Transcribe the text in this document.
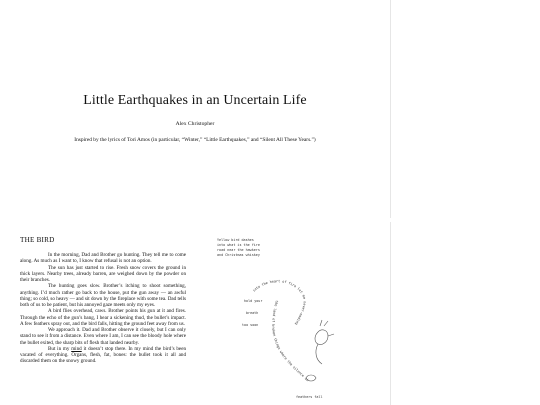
Little Earthquakes in an Uncertain Life

Alex Christopher

Inspired by the lyrics of Tori Amos (in particular, “Winter,” “Little Earthquakes,” and “Silent All These Years.”)

THE BIRD

In the morning, Dad and Brother go hunting. They tell me to come along. As much as I want to, I know that refusal is not an option.

The sun has just started to rise. Fresh snow covers the ground in thick layers. Nearby trees, already barren, are weighed down by the powder on their branches.

The hunting goes slow. Brother’s itching to shoot something, anything. I’d much rather go back to the house, put the gun away — an awful thing; so cold, so heavy — and sit down by the fireplace with some tea. Dad tells both of us to be patient, but his annoyed gaze meets only my eyes.

A bird flies overhead, caws. Brother points his gun at it and fires. Through the echo of the gun’s bang, I hear a sickening thud, the bullet’s impact. A few feathers spray out, and the bird falls, hitting the ground feet away from us.

We approach it. Dad and Brother observe it closely, but I can only stand to see it from a distance. Even where I am, I can see the bloody hole where the bullet exited, the sharp bits of flesh that landed nearby.

But in my mind it doesn’t stop there. In my mind the bird’s been vacated of everything. Organs, flesh, fat, bones: the bullet took it all and discarded them on the snowy ground.

Yellow bird dashes
into what is the fire
road near the hawkers
and Christmas whiskey
into the heart of fire let me never-ending
the land of broken things where the silence si
hold your
breath
too soon
feathers fall
